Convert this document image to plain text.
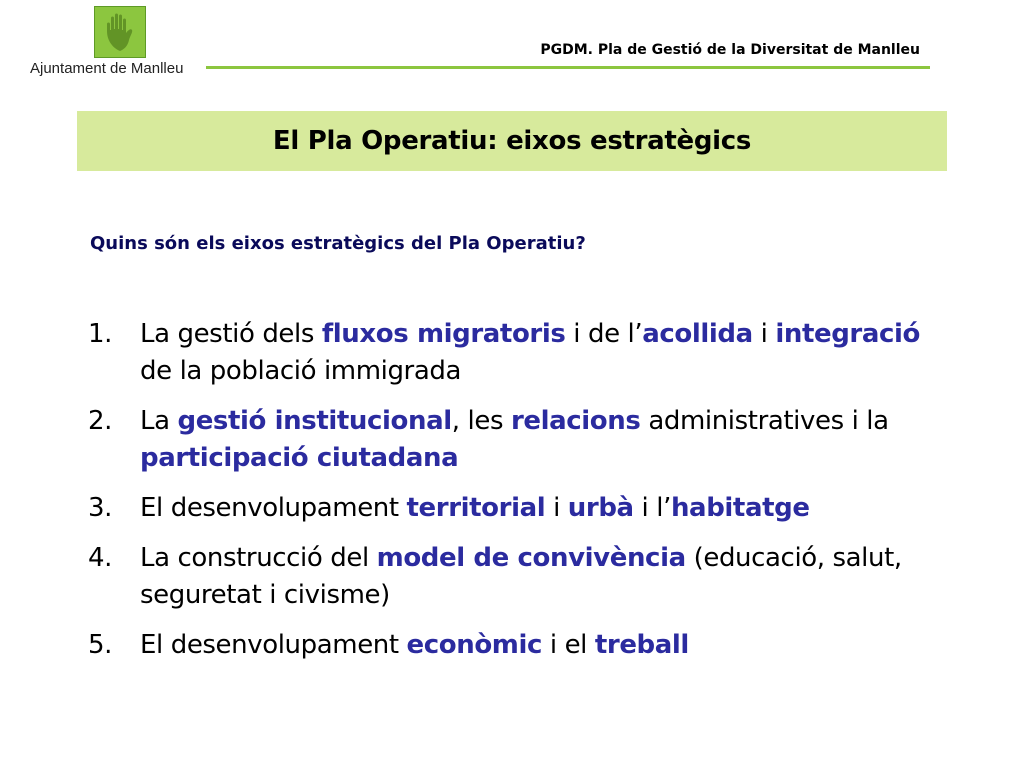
Ajuntament de Manlleu
PGDM. Pla de Gestió de la Diversitat de Manlleu
El Pla Operatiu: eixos estratègics
Quins són els eixos estratègics del Pla Operatiu?
1. La gestió dels fluxos migratoris i de l’acollida i integració de la població immigrada
2. La gestió institucional, les relacions administratives i la participació ciutadana
3. El desenvolupament territorial i urbà i l’habitatge
4. La construcció del model de convivència (educació, salut, seguretat i civisme)
5. El desenvolupament econòmic i el treball
